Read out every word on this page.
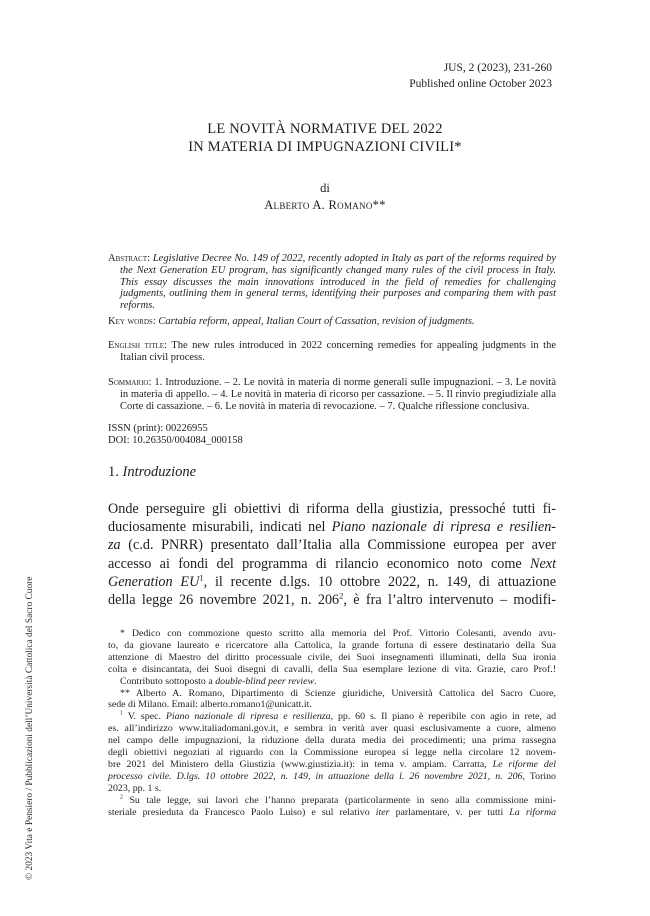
JUS, 2 (2023), 231-260
Published online October 2023
LE NOVITÀ NORMATIVE DEL 2022
IN MATERIA DI IMPUGNAZIONI CIVILI*
di
Alberto A. Romano**
Abstract: Legislative Decree No. 149 of 2022, recently adopted in Italy as part of the reforms required by the Next Generation EU program, has significantly changed many rules of the civil process in Italy. This essay discusses the main innovations introduced in the field of remedies for challenging judgments, outlining them in general terms, identifying their purposes and comparing them with past reforms.
Key words: Cartabia reform, appeal, Italian Court of Cassation, revision of judgments.
English title: The new rules introduced in 2022 concerning remedies for appealing judgments in the Italian civil process.
Sommario: 1. Introduzione. – 2. Le novità in materia di norme generali sulle impugnazioni. – 3. Le novità in materia di appello. – 4. Le novità in materia di ricorso per cassazione. – 5. Il rinvio pregiudiziale alla Corte di cassazione. – 6. Le novità in materia di revocazione. – 7. Qualche riflessione conclusiva.
ISSN (print): 00226955
DOI: 10.26350/004084_000158
1. Introduzione
Onde perseguire gli obiettivi di riforma della giustizia, pressoché tutti fi-
duciosamente misurabili, indicati nel Piano nazionale di ripresa e resilien-
za (c.d. PNRR) presentato dall’Italia alla Commissione europea per aver
accesso ai fondi del programma di rilancio economico noto come Next
Generation $EU^1$, il recente d.lgs. 10 ottobre 2022, n. 149, di attuazione
della legge 26 novembre 2021, n. $206^2$, è fra l’altro intervenuto – modifi-
* Dedico con commozione questo scritto alla memoria del Prof. Vittorio Colesanti, avendo avu-
to, da giovane laureato e ricercatore alla Cattolica, la grande fortuna di essere destinatario della Sua
attenzione di Maestro del diritto processuale civile, dei Suoi insegnamenti illuminati, della Sua ironia
colta e disincantata, dei Suoi disegni di cavalli, della Sua esemplare lezione di vita. Grazie, caro Prof.!
Contributo sottoposto a double-blind peer review.
** Alberto A. Romano, Dipartimento di Scienze giuridiche, Università Cattolica del Sacro Cuore,
sede di Milano. Email: alberto.romano1@unicatt.it.
$^1$ V. spec. Piano nazionale di ripresa e resilienza, pp. 60 s. Il piano è reperibile con agio in rete, ad
es. all’indirizzo www.italiadomani.gov.it, e sembra in verità aver quasi esclusivamente a cuore, almeno
nel campo delle impugnazioni, la riduzione della durata media dei procedimenti; una prima rassegna
degli obiettivi negoziati al riguardo con la Commissione europea si legge nella circolare 12 novem-
bre 2021 del Ministero della Giustizia (www.giustizia.it): in tema v. ampiam. Carratta, Le riforme del
processo civile. D.lgs. 10 ottobre 2022, n. 149, in attuazione della l. 26 novembre 2021, n. 206, Torino
2023, pp. 1 s.
$^2$ Su tale legge, sui lavori che l’hanno preparata (particolarmente in seno alla commissione mini-
steriale presieduta da Francesco Paolo Luiso) e sul relativo iter parlamentare, v. per tutti La riforma
© 2023 Vita e Pensiero / Pubblicazioni dell’Università Cattolica del Sacro Cuore
